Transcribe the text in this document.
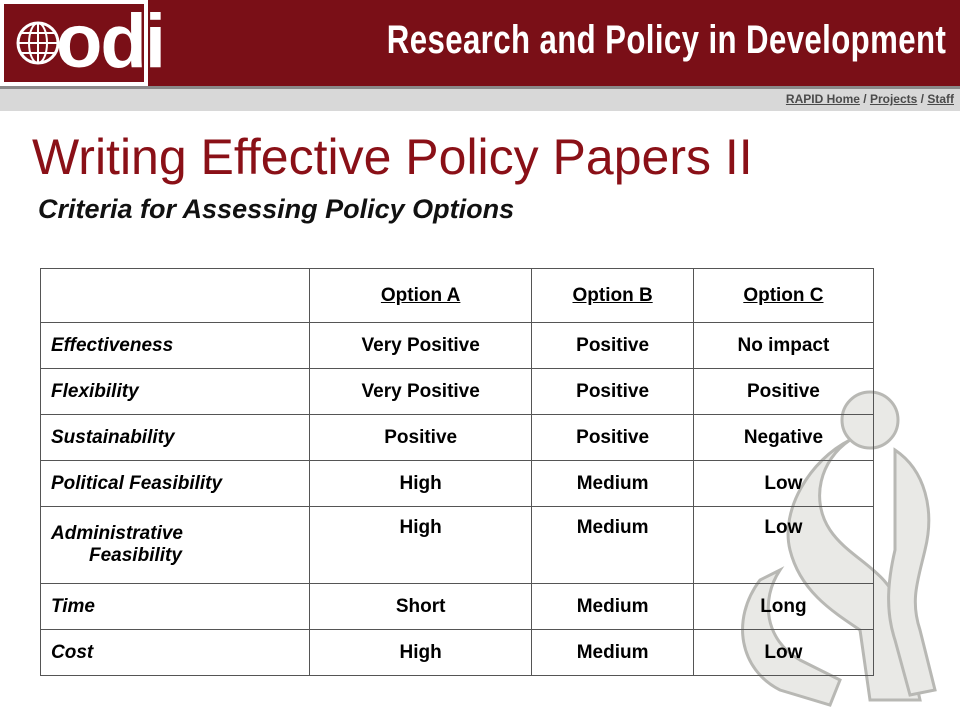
odi	Research and Policy in Development
RAPID Home / Projects / Staff
Writing Effective Policy Papers II
Criteria for Assessing Policy Options
	Option A	Option B	Option C
Effectiveness	Very Positive	Positive	No impact
Flexibility	Very Positive	Positive	Positive
Sustainability	Positive	Positive	Negative
Political Feasibility	High	Medium	Low

Administrative
Feasibility	High	Medium	Low
Time	Short	Medium	Long
Cost	High	Medium	Low
